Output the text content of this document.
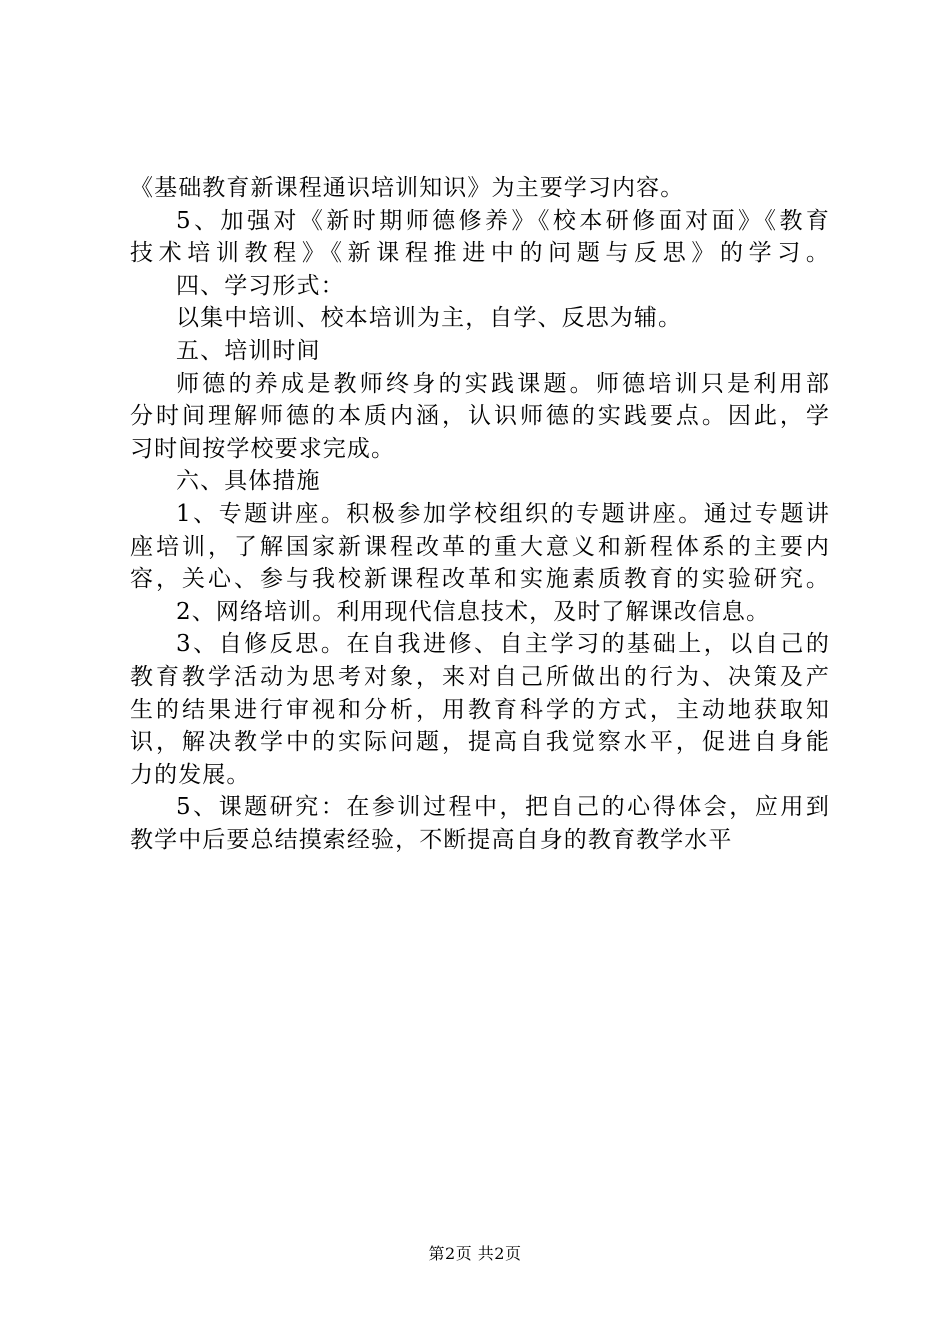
《基础教育新课程通识培训知识》为主要学习内容。
5、加强对《新时期师德修养》《校本研修面对面》《教育
技术培训教程》《新课程推进中的问题与反思》的学习。
四、学习形式：
以集中培训、校本培训为主，自学、反思为辅。
五、培训时间
师德的养成是教师终身的实践课题。师德培训只是利用部
分时间理解师德的本质内涵，认识师德的实践要点。因此，学
习时间按学校要求完成。
六、具体措施
1、专题讲座。积极参加学校组织的专题讲座。通过专题讲
座培训，了解国家新课程改革的重大意义和新程体系的主要内
容，关心、参与我校新课程改革和实施素质教育的实验研究。
2、网络培训。利用现代信息技术，及时了解课改信息。
3、自修反思。在自我进修、自主学习的基础上，以自己的
教育教学活动为思考对象，来对自己所做出的行为、决策及产
生的结果进行审视和分析，用教育科学的方式，主动地获取知
识，解决教学中的实际问题，提高自我觉察水平，促进自身能
力的发展。
5、课题研究：在参训过程中，把自己的心得体会，应用到
教学中后要总结摸索经验，不断提高自身的教育教学水平
第2页 共2页
